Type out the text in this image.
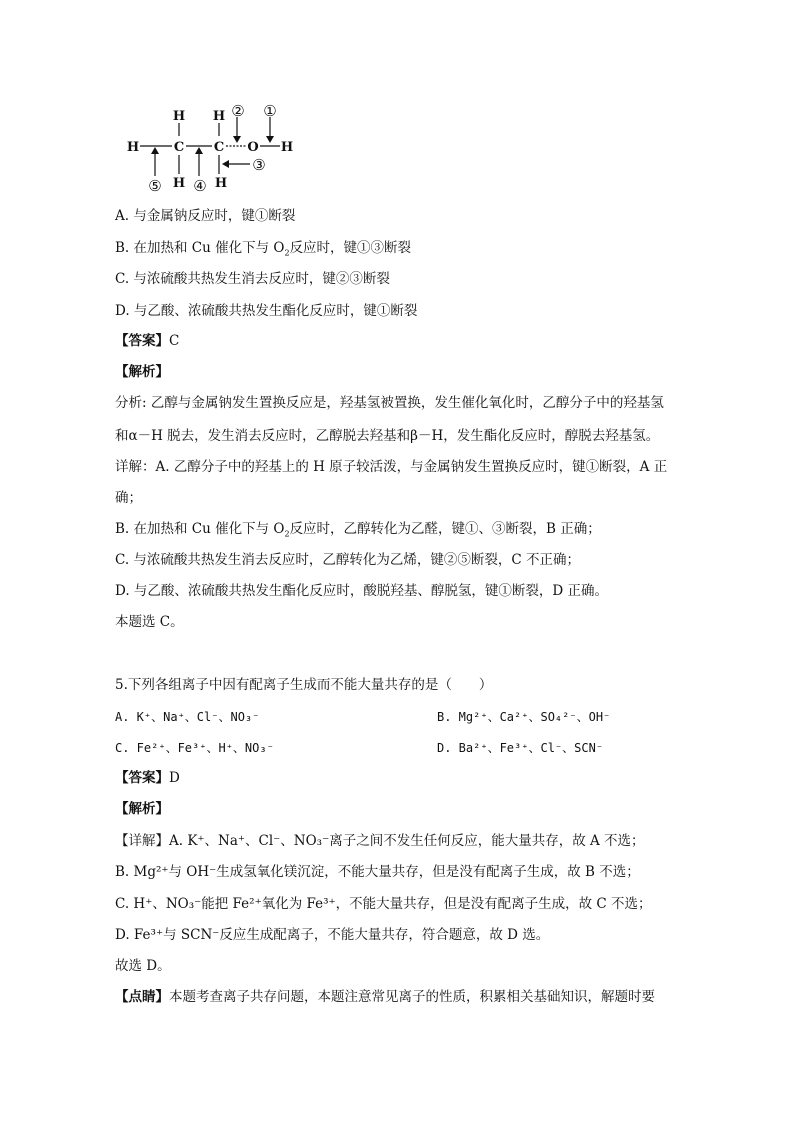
H H
H	C C O H
H H
①
②
③
④
⑤
A. 与金属钠反应时，键①断裂
B. 在加热和 Cu 催化下与 $O_2$反应时，键①③断裂
C. 与浓硫酸共热发生消去反应时，键②③断裂
D. 与乙酸、浓硫酸共热发生酯化反应时，键①断裂
【答案】C
【解析】
分析: 乙醇与金属钠发生置换反应是，羟基氢被置换，发生催化氧化时，乙醇分子中的羟基氢
和α－H 脱去，发生消去反应时，乙醇脱去羟基和β－H，发生酯化反应时，醇脱去羟基氢。
详解：A. 乙醇分子中的羟基上的 H 原子较活泼，与金属钠发生置换反应时，键①断裂，A 正
确；
B. 在加热和 Cu 催化下与 $O_2$反应时，乙醇转化为乙醛，键①、③断裂，B 正确；
C. 与浓硫酸共热发生消去反应时，乙醇转化为乙烯，键②⑤断裂，C 不正确；
D. 与乙酸、浓硫酸共热发生酯化反应时，酸脱羟基、醇脱氢，键①断裂，D 正确。
本题选 C。
5.下列各组离子中因有配离子生成而不能大量共存的是（　　）
A. K⁺、Na⁺、Cl⁻、NO₃⁻	B. Mg²⁺、Ca²⁺、SO₄²⁻、OH⁻
C. Fe²⁺、Fe³⁺、H⁺、NO₃⁻	D. Ba²⁺、Fe³⁺、Cl⁻、SCN⁻
【答案】D
【解析】
【详解】A. K⁺、Na⁺、Cl⁻、NO₃⁻离子之间不发生任何反应，能大量共存，故 A 不选；
B. Mg²⁺与 OH⁻生成氢氧化镁沉淀，不能大量共存，但是没有配离子生成，故 B 不选；
C. H⁺、NO₃⁻能把 Fe²⁺氧化为 Fe³⁺，不能大量共存，但是没有配离子生成，故 C 不选；
D. Fe³⁺与 SCN⁻反应生成配离子，不能大量共存，符合题意，故 D 选。
故选 D。
【点睛】本题考查离子共存问题，本题注意常见离子的性质，积累相关基础知识，解题时要
